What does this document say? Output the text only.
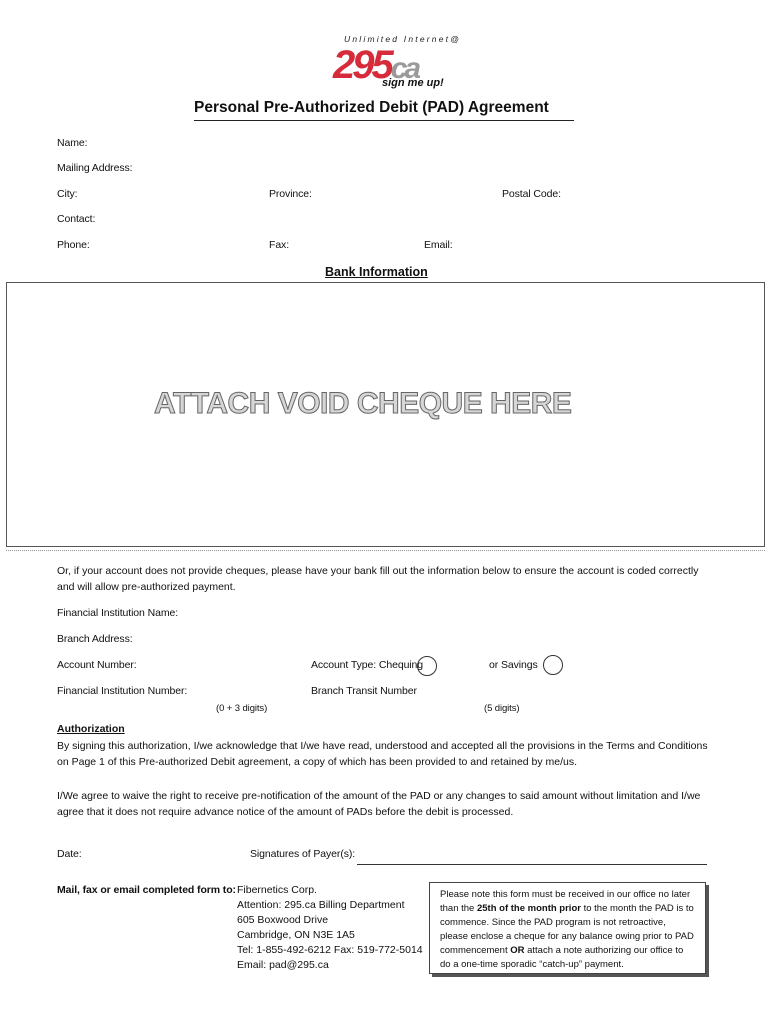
Unlimited Internet@
295ca
sign me up!
Personal Pre-Authorized Debit (PAD) Agreement
Name:
Mailing Address:
City:	Province:	Postal Code:
Contact:
Phone:	Fax:	Email:
Bank Information
ATTACH VOID CHEQUE HERE
Or, if your account does not provide cheques, please have your bank fill out the information below to ensure the account is coded correctly and will allow pre-authorized payment.
Financial Institution Name:
Branch Address:
Account Number:	Account Type: Chequing	or Savings
Financial Institution Number:	Branch Transit Number
(0 + 3 digits)	(5 digits)
Authorization
By signing this authorization, I/we acknowledge that I/we have read, understood and accepted all the provisions in the Terms and Conditions on Page 1 of this Pre-authorized Debit agreement, a copy of which has been provided to and retained by me/us.
I/We agree to waive the right to receive pre-notification of the amount of the PAD or any changes to said amount without limitation and I/we agree that it does not require advance notice of the amount of PADs before the debit is processed.
Date:	Signatures of Payer(s):
Mail, fax or email completed form to: Fibernetics Corp.
Attention: 295.ca Billing Department
605 Boxwood Drive
Cambridge, ON N3E 1A5
Tel: 1-855-492-6212 Fax: 519-772-5014
Email: pad@295.ca
Please note this form must be received in our office no later than the 25th of the month prior to the month the PAD is to commence. Since the PAD program is not retroactive, please enclose a cheque for any balance owing prior to PAD commencement OR attach a note authorizing our office to do a one-time sporadic “catch-up” payment.
